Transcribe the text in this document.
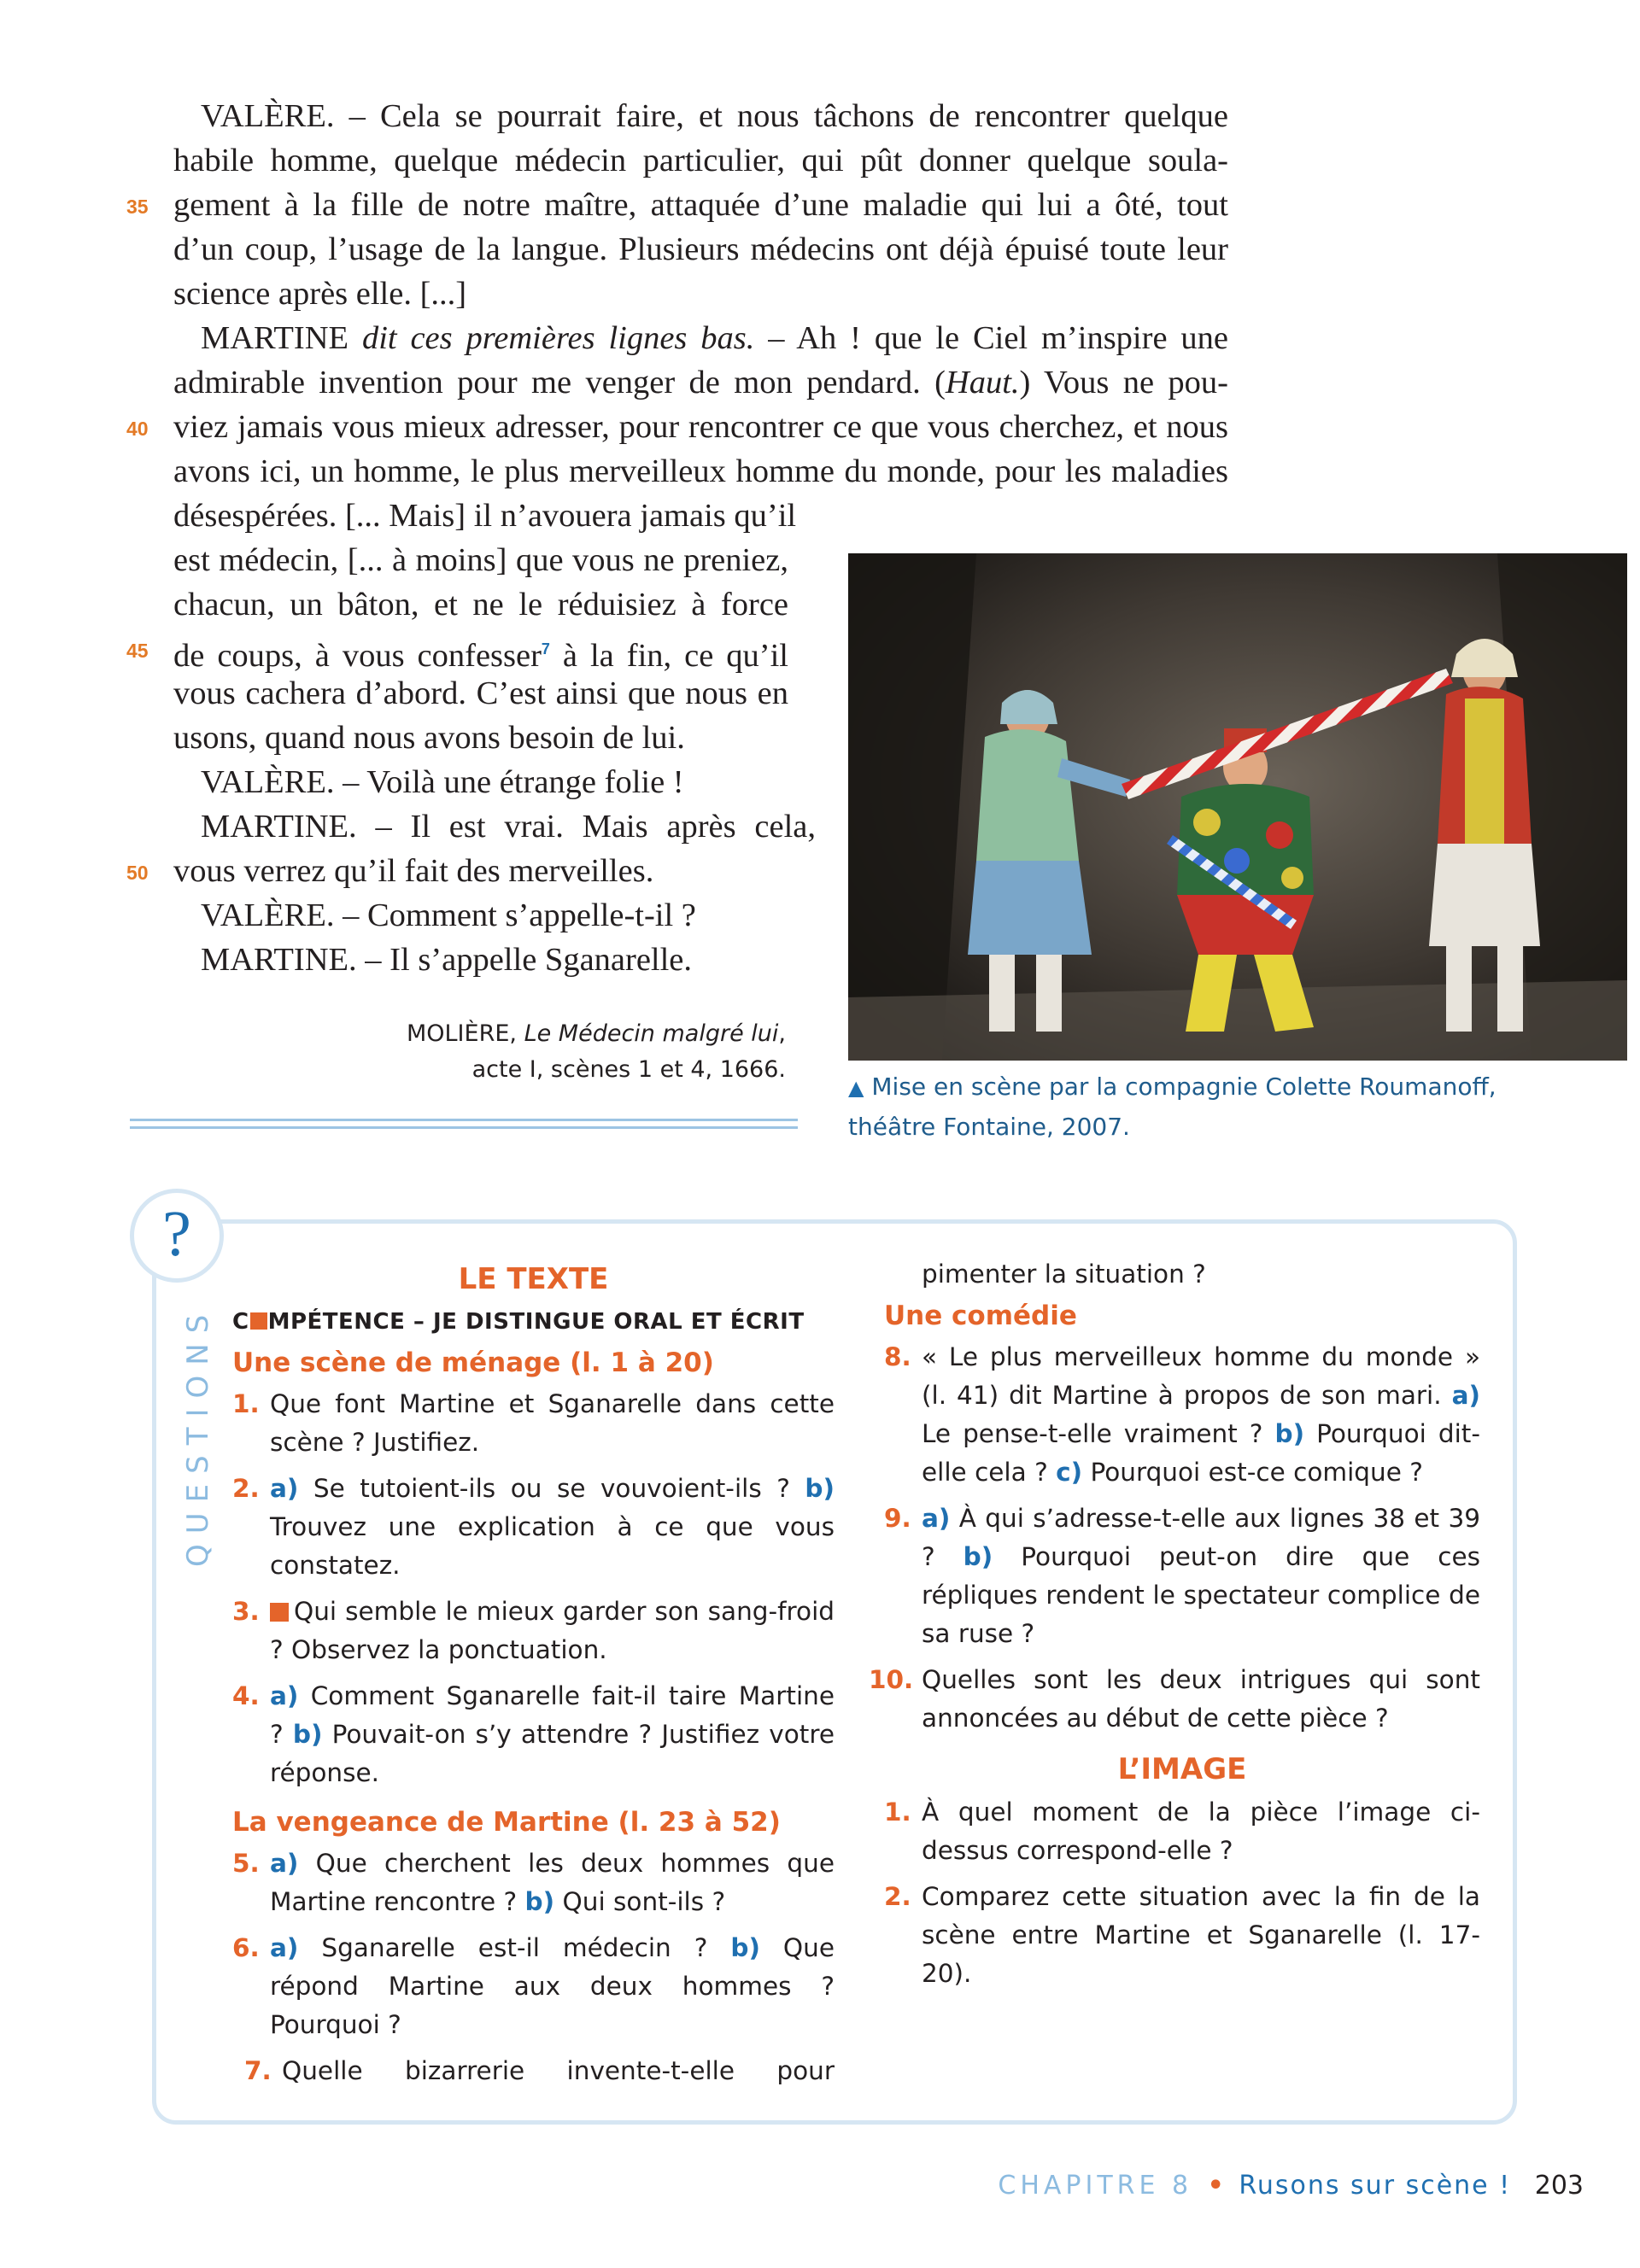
VALÈRE. – Cela se pourrait faire, et nous tâchons de rencontrer quelque
habile homme, quelque médecin particulier, qui pût donner quelque soula-
35 gement à la fille de notre maître, attaquée d’une maladie qui lui a ôté, tout
d’un coup, l’usage de la langue. Plusieurs médecins ont déjà épuisé toute leur
science après elle. [...]
MARTINE dit ces premières lignes bas. – Ah ! que le Ciel m’inspire une
admirable invention pour me venger de mon pendard. (Haut.) Vous ne pou-
40 viez jamais vous mieux adresser, pour rencontrer ce que vous cherchez, et nous
avons ici, un homme, le plus merveilleux homme du monde, pour les maladies
désespérées. [... Mais] il n’avouera jamais qu’il
est médecin, [... à moins] que vous ne preniez,
chacun, un bâton, et ne le réduisiez à force
45 de coups, à vous confesser$^7$ à la fin, ce qu’il
vous cachera d’abord. C’est ainsi que nous en
usons, quand nous avons besoin de lui.
VALÈRE. – Voilà une étrange folie !
MARTINE. – Il est vrai. Mais après cela,
50 vous verrez qu’il fait des merveilles.
VALÈRE. – Comment s’appelle-t-il ?
MARTINE. – Il s’appelle Sganarelle.
MOLIÈRE, Le Médecin malgré lui,
acte I, scènes 1 et 4, 1666.
▲ Mise en scène par la compagnie Colette Roumanoff,
théâtre Fontaine, 2007.
?
QUESTIONS
LE TEXTE
C MPÉTENCE – JE DISTINGUE ORAL ET ÉCRIT
Une scène de ménage (l. 1 à 20)
1. Que font Martine et Sganarelle dans cette scène ? Justifiez.
2. a) Se tutoient-ils ou se vouvoient-ils ? b) Trouvez une explication à ce que vous constatez.
3. Qui semble le mieux garder son sang-froid ? Observez la ponctuation.
4. a) Comment Sganarelle fait-il taire Martine ? b) Pouvait-on s’y attendre ? Justifiez votre réponse.
La vengeance de Martine (l. 23 à 52)
5. a) Que cherchent les deux hommes que Martine rencontre ? b) Qui sont-ils ?
6. a) Sganarelle est-il médecin ? b) Que répond Martine aux deux hommes ? Pourquoi ?
7. Quelle bizarrerie invente-t-elle pour
pimenter la situation ?
Une comédie
8. « Le plus merveilleux homme du monde » (l. 41) dit Martine à propos de son mari. a) Le pense-t-elle vraiment ? b) Pourquoi dit-elle cela ? c) Pourquoi est-ce comique ?
9. a) À qui s’adresse-t-elle aux lignes 38 et 39 ? b) Pourquoi peut-on dire que ces répliques rendent le spectateur complice de sa ruse ?
10. Quelles sont les deux intrigues qui sont annoncées au début de cette pièce ?
L’IMAGE
1. À quel moment de la pièce l’image ci-dessus correspond-elle ?
2. Comparez cette situation avec la fin de la scène entre Martine et Sganarelle (l. 17-20).
CHAPITRE 8 • Rusons sur scène ! 203
